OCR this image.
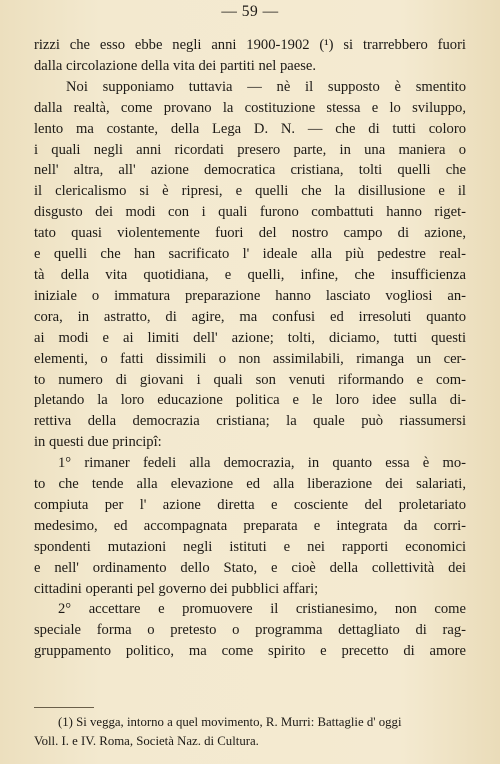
— 59 —
rizzi che esso ebbe negli anni 1900-1902 (¹) si trarrebbero fuori
dalla circolazione della vita dei partiti nel paese.
Noi supponiamo tuttavia — nè il supposto è smentito
dalla realtà, come provano la costituzione stessa e lo sviluppo,
lento ma costante, della Lega D. N. — che di tutti coloro
i quali negli anni ricordati presero parte, in una maniera o
nell' altra, all' azione democratica cristiana, tolti quelli che
il clericalismo si è ripresi, e quelli che la disillusione e il
disgusto dei modi con i quali furono combattuti hanno riget-
tato quasi violentemente fuori del nostro campo di azione,
e quelli che han sacrificato l' ideale alla più pedestre real-
tà della vita quotidiana, e quelli, infine, che insufficienza
iniziale o immatura preparazione hanno lasciato vogliosi an-
cora, in astratto, di agire, ma confusi ed irresoluti quanto
ai modi e ai limiti dell' azione; tolti, diciamo, tutti questi
elementi, o fatti dissimili o non assimilabili, rimanga un cer-
to numero di giovani i quali son venuti riformando e com-
pletando la loro educazione politica e le loro idee sulla di-
rettiva della democrazia cristiana; la quale può riassumersi
in questi due principî:
1° rimaner fedeli alla democrazia, in quanto essa è mo-
to che tende alla elevazione ed alla liberazione dei salariati,
compiuta per l' azione diretta e cosciente del proletariato
medesimo, ed accompagnata preparata e integrata da corri-
spondenti mutazioni negli istituti e nei rapporti economici
e nell' ordinamento dello Stato, e cioè della collettività dei
cittadini operanti pel governo dei pubblici affari;
2° accettare e promuovere il cristianesimo, non come
speciale forma o pretesto o programma dettagliato di rag-
gruppamento politico, ma come spirito e precetto di amore
(1) Si vegga, intorno a quel movimento, R. Murri: Battaglie d' oggi
Voll. I. e IV. Roma, Società Naz. di Cultura.
